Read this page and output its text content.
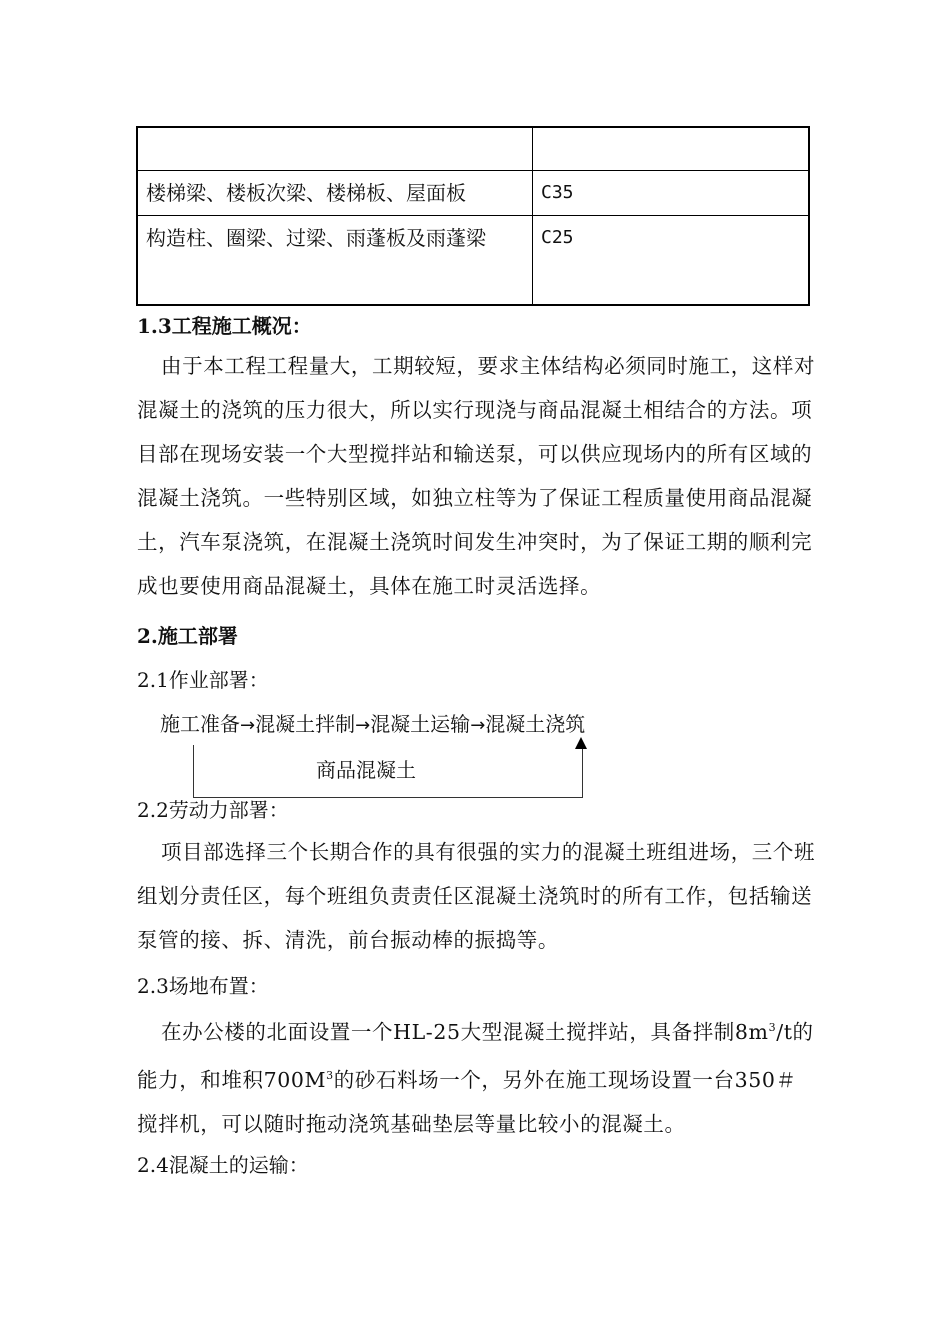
楼梯梁、楼板次梁、楼梯板、屋面板	C35
构造柱、圈梁、过梁、雨蓬板及雨蓬梁	C25
1.3工程施工概况：
由于本工程工程量大，工期较短，要求主体结构必须同时施工，这样对混凝土的浇筑的压力很大，所以实行现浇与商品混凝土相结合的方法。项目部在现场安装一个大型搅拌站和输送泵，可以供应现场内的所有区域的混凝土浇筑。一些特别区域，如独立柱等为了保证工程质量使用商品混凝土，汽车泵浇筑，在混凝土浇筑时间发生冲突时，为了保证工期的顺利完成也要使用商品混凝土，具体在施工时灵活选择。
2.施工部署
2.1作业部署：
施工准备→混凝土拌制→混凝土运输→混凝土浇筑
商品混凝土
2.2劳动力部署：
项目部选择三个长期合作的具有很强的实力的混凝土班组进场，三个班组划分责任区，每个班组负责责任区混凝土浇筑时的所有工作，包括输送泵管的接、拆、清洗，前台振动棒的振捣等。
2.3场地布置：
在办公楼的北面设置一个HL-25大型混凝土搅拌站，具备拌制$8m^3/t$的能力，和堆积$700M^3$的砂石料场一个，另外在施工现场设置一台350＃搅拌机，可以随时拖动浇筑基础垫层等量比较小的混凝土。
2.4混凝土的运输：
